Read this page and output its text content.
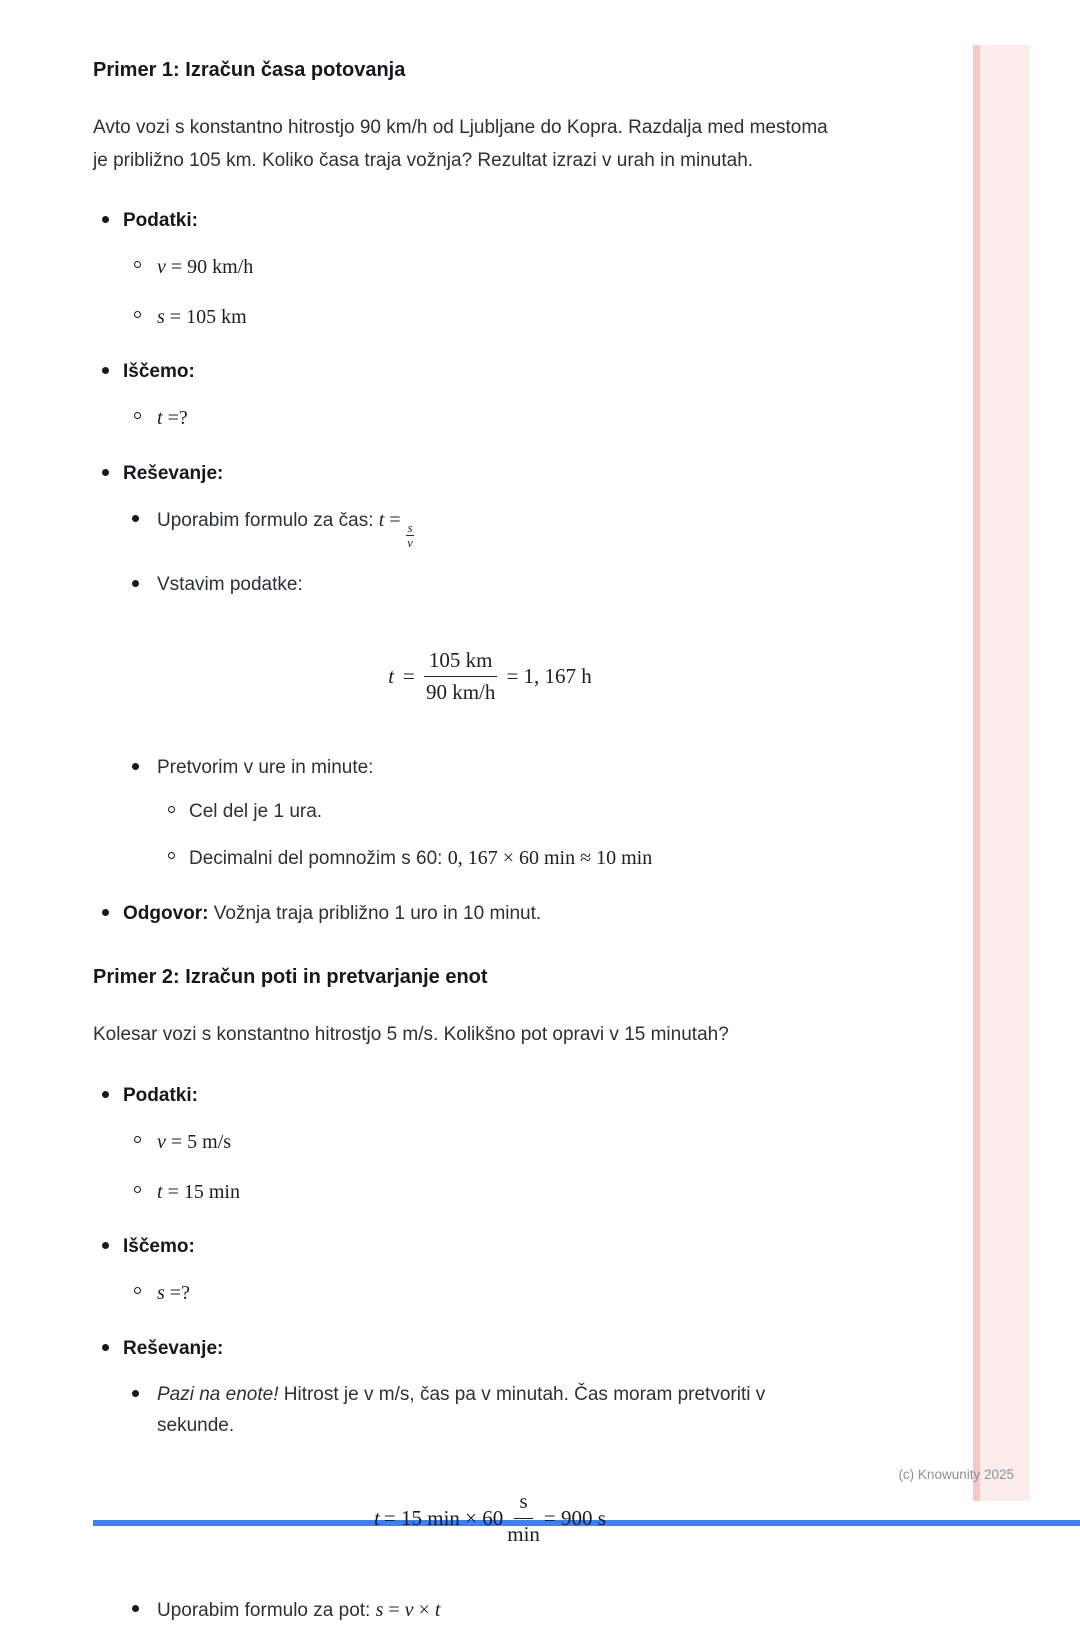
Primer 1: Izračun časa potovanja

Avto vozi s konstantno hitrostjo 90 km/h od Ljubljane do Kopra. Razdalja med mestoma je približno 105 km. Koliko časa traja vožnja? Rezultat izrazi v urah in minutah.

Podatki:
v = 90 km/h
s = 105 km
Iščemo:
t =?
Reševanje:
Uporabim formulo za čas: t =
$\frac{s}{v}$
Vstavim podatke:
$t = \frac{105 km}{90 km/h} = 1$, 167 h
Pretvorim v ure in minute:
Cel del je 1 ura.
Decimalni del pomnožim s 60: 0, 167 × 60 min ≈ 10 min
Odgovor: Vožnja traja približno 1 uro in 10 minut.
Primer 2: Izračun poti in pretvarjanje enot

Kolesar vozi s konstantno hitrostjo 5 m/s. Kolikšno pot opravi v 15 minutah?

Podatki:
v = 5 m/s
t = 15 min
Iščemo:
s =?
Reševanje:
Pazi na enote! Hitrost je v m/s, čas pa v minutah. Čas moram pretvoriti v sekunde.
t = 15 $\min \times 60 \frac{s}{\min} = 900$ s
Uporabim formulo za pot: s = v × t
(c) Knowunity 2025
